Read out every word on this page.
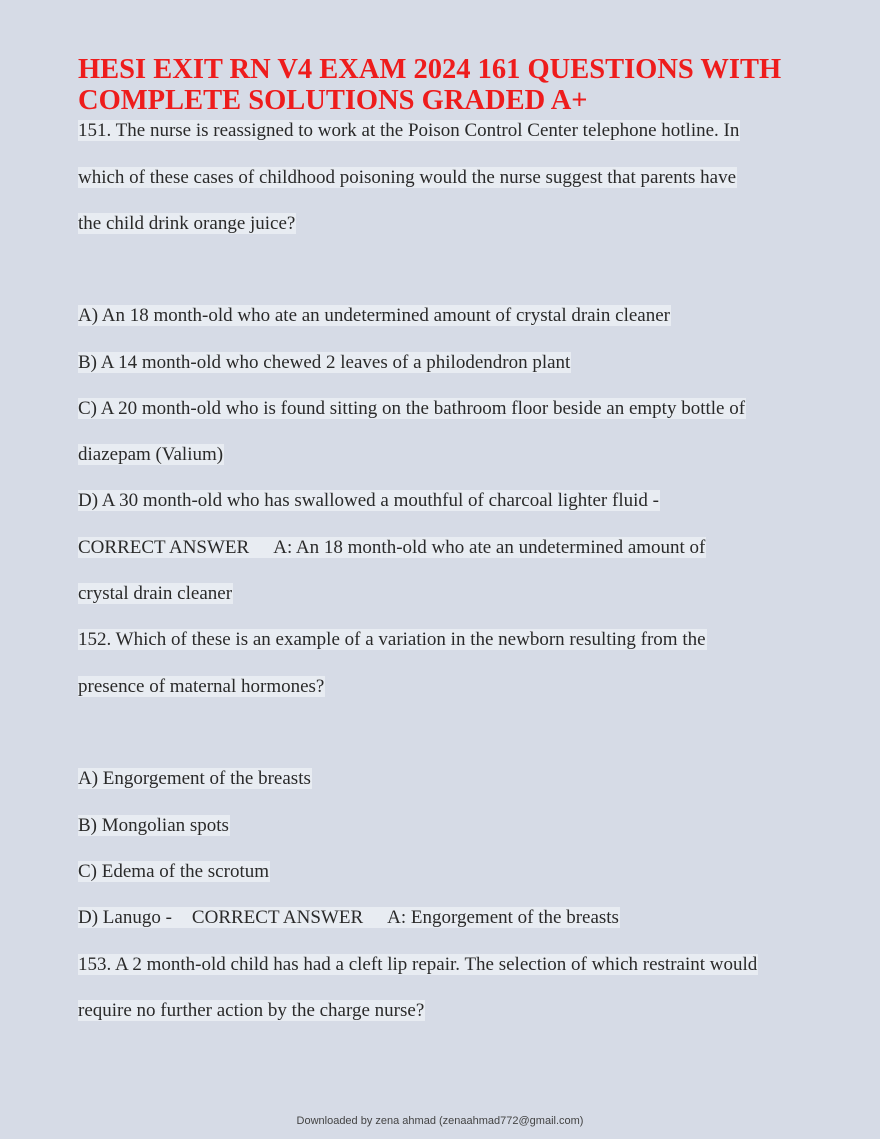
HESI EXIT RN V4 EXAM 2024 161 QUESTIONS WITH
COMPLETE SOLUTIONS GRADED A+
151. The nurse is reassigned to work at the Poison Control Center telephone hotline. In
which of these cases of childhood poisoning would the nurse suggest that parents have
the child drink orange juice?
A) An 18 month-old who ate an undetermined amount of crystal drain cleaner
B) A 14 month-old who chewed 2 leaves of a philodendron plant
C) A 20 month-old who is found sitting on the bathroom floor beside an empty bottle of
diazepam (Valium)
D) A 30 month-old who has swallowed a mouthful of charcoal lighter fluid -
CORRECT ANSWER A: An 18 month-old who ate an undetermined amount of
crystal drain cleaner
152. Which of these is an example of a variation in the newborn resulting from the
presence of maternal hormones?
A) Engorgement of the breasts
B) Mongolian spots
C) Edema of the scrotum
D) Lanugo - CORRECT ANSWER A: Engorgement of the breasts
153. A 2 month-old child has had a cleft lip repair. The selection of which restraint would
require no further action by the charge nurse?
Downloaded by zena ahmad (zenaahmad772@gmail.com)
